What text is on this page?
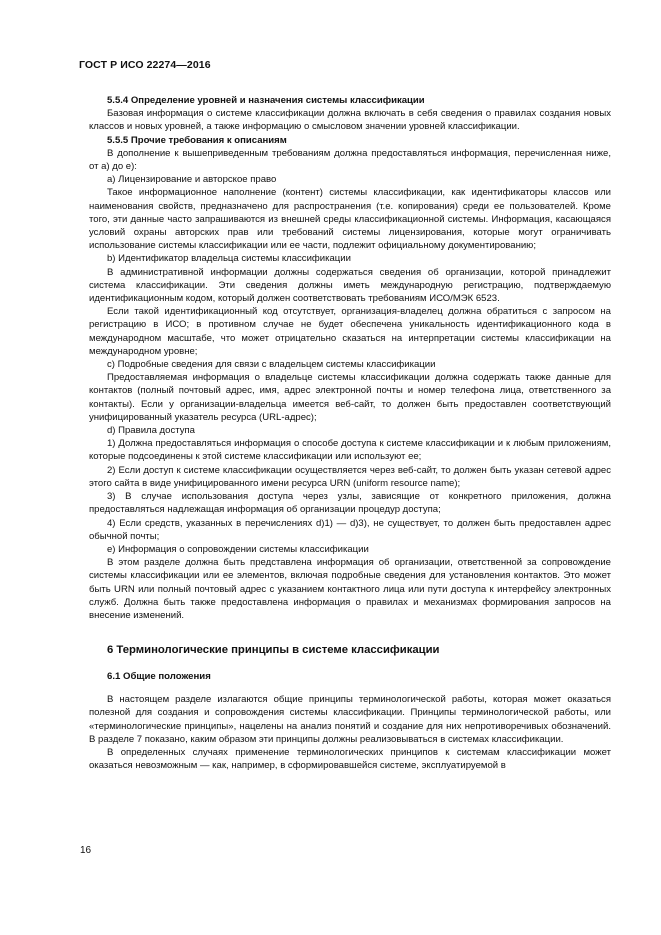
ГОСТ Р ИСО 22274—2016

5.5.4 Определение уровней и назначения системы классификации

Базовая информация о системе классификации должна включать в себя сведения о правилах создания новых классов и новых уровней, а также информацию о смысловом значении уровней классификации.

5.5.5 Прочие требования к описаниям

В дополнение к вышеприведенным требованиям должна предоставляться информация, перечисленная ниже, от а) до е):

а) Лицензирование и авторское право

Такое информационное наполнение (контент) системы классификации, как идентификаторы классов или наименования свойств, предназначено для распространения (т.е. копирования) среди ее пользователей. Кроме того, эти данные часто запрашиваются из внешней среды классификационной системы. Информация, касающаяся условий охраны авторских прав или требований системы лицензирования, которые могут ограничивать использование системы классификации или ее части, подлежит официальному документированию;

b) Идентификатор владельца системы классификации

В административной информации должны содержаться сведения об организации, которой принадлежит система классификации. Эти сведения должны иметь международную регистрацию, подтверждаемую идентификационным кодом, который должен соответствовать требованиям ИСО/МЭК 6523.

Если такой идентификационный код отсутствует, организация-владелец должна обратиться с запросом на регистрацию в ИСО; в противном случае не будет обеспечена уникальность идентификационного кода в международном масштабе, что может отрицательно сказаться на интерпретации системы классификации на международном уровне;

с) Подробные сведения для связи с владельцем системы классификации

Предоставляемая информация о владельце системы классификации должна содержать также данные для контактов (полный почтовый адрес, имя, адрес электронной почты и номер телефона лица, ответственного за контакты). Если у организации-владельца имеется веб-сайт, то должен быть предоставлен соответствующий унифицированный указатель ресурса (URL-адрес);

d) Правила доступа

1) Должна предоставляться информация о способе доступа к системе классификации и к любым приложениям, которые подсоединены к этой системе классификации или используют ее;

2) Если доступ к системе классификации осуществляется через веб-сайт, то должен быть указан сетевой адрес этого сайта в виде унифицированного имени ресурса URN (uniform resource name);

3) В случае использования доступа через узлы, зависящие от конкретного приложения, должна предоставляться надлежащая информация об организации процедур доступа;

4) Если средств, указанных в перечислениях d)1) — d)3), не существует, то должен быть предоставлен адрес обычной почты;

е) Информация о сопровождении системы классификации

В этом разделе должна быть представлена информация об организации, ответственной за сопровождение системы классификации или ее элементов, включая подробные сведения для установления контактов. Это может быть URN или полный почтовый адрес с указанием контактного лица или пути доступа к интерфейсу электронных служб. Должна быть также предоставлена информация о правилах и механизмах формирования запросов на внесение изменений.

6 Терминологические принципы в системе классификации
6.1 Общие положения

В настоящем разделе излагаются общие принципы терминологической работы, которая может оказаться полезной для создания и сопровождения системы классификации. Принципы терминологической работы, или «терминологические принципы», нацелены на анализ понятий и создание для них непротиворечивых обозначений. В разделе 7 показано, каким образом эти принципы должны реализовываться в системах классификации.

В определенных случаях применение терминологических принципов к системам классификации может оказаться невозможным — как, например, в сформировавшейся системе, эксплуатируемой в

16
